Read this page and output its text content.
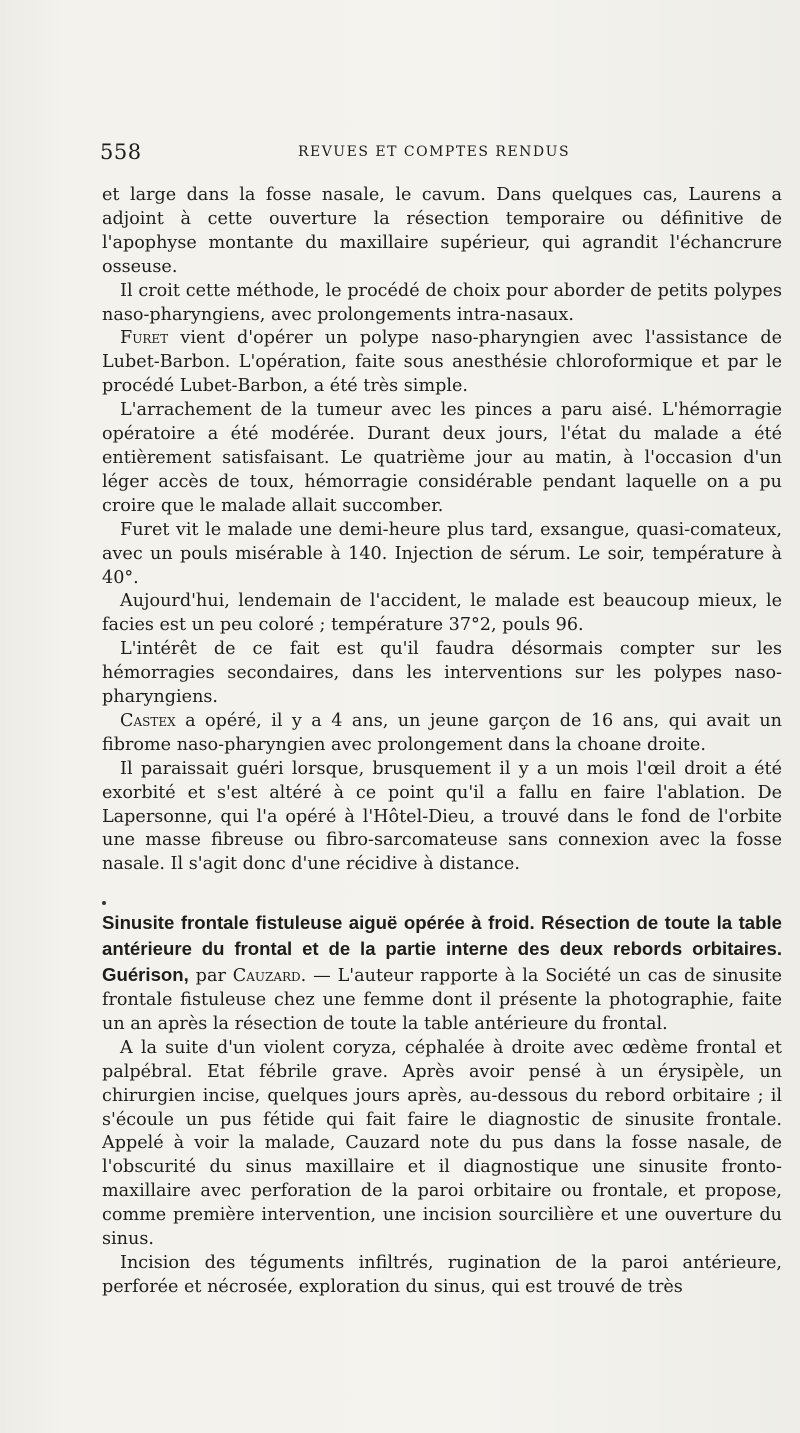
558	REVUES ET COMPTES RENDUS

et large dans la fosse nasale, le cavum. Dans quelques cas, Laurens a adjoint à cette ouverture la résection temporaire ou définitive de l'apophyse montante du maxillaire supérieur, qui agrandit l'échancrure osseuse.

Il croit cette méthode, le procédé de choix pour aborder de petits polypes naso-pharyngiens, avec prolongements intra-nasaux.

Furet vient d'opérer un polype naso-pharyngien avec l'assistance de Lubet-Barbon. L'opération, faite sous anesthésie chloroformique et par le procédé Lubet-Barbon, a été très simple.

L'arrachement de la tumeur avec les pinces a paru aisé. L'hémorragie opératoire a été modérée. Durant deux jours, l'état du malade a été entièrement satisfaisant. Le quatrième jour au matin, à l'occasion d'un léger accès de toux, hémorragie considérable pendant laquelle on a pu croire que le malade allait succomber.

Furet vit le malade une demi-heure plus tard, exsangue, quasi-comateux, avec un pouls misérable à 140. Injection de sérum. Le soir, température à 40°.

Aujourd'hui, lendemain de l'accident, le malade est beaucoup mieux, le facies est un peu coloré ; température 37°2, pouls 96.

L'intérêt de ce fait est qu'il faudra désormais compter sur les hémorragies secondaires, dans les interventions sur les polypes naso-pharyngiens.

Castex a opéré, il y a 4 ans, un jeune garçon de 16 ans, qui avait un fibrome naso-pharyngien avec prolongement dans la choane droite.

Il paraissait guéri lorsque, brusquement il y a un mois l'œil droit a été exorbité et s'est altéré à ce point qu'il a fallu en faire l'ablation. De Lapersonne, qui l'a opéré à l'Hôtel-Dieu, a trouvé dans le fond de l'orbite une masse fibreuse ou fibro-sarcomateuse sans connexion avec la fosse nasale. Il s'agit donc d'une récidive à distance.

Sinusite frontale fistuleuse aiguë opérée à froid. Résection de toute la table antérieure du frontal et de la partie interne des deux rebords orbitaires. Guérison, par Cauzard. — L'auteur rapporte à la Société un cas de sinusite frontale fistuleuse chez une femme dont il présente la photographie, faite un an après la résection de toute la table antérieure du frontal.

A la suite d'un violent coryza, céphalée à droite avec œdème frontal et palpébral. Etat fébrile grave. Après avoir pensé à un érysipèle, un chirurgien incise, quelques jours après, au-dessous du rebord orbitaire ; il s'écoule un pus fétide qui fait faire le diagnostic de sinusite frontale. Appelé à voir la malade, Cauzard note du pus dans la fosse nasale, de l'obscurité du sinus maxillaire et il diagnostique une sinusite fronto-maxillaire avec perforation de la paroi orbitaire ou frontale, et propose, comme première intervention, une incision sourcilière et une ouverture du sinus.

Incision des téguments infiltrés, rugination de la paroi antérieure, perforée et nécrosée, exploration du sinus, qui est trouvé de très
